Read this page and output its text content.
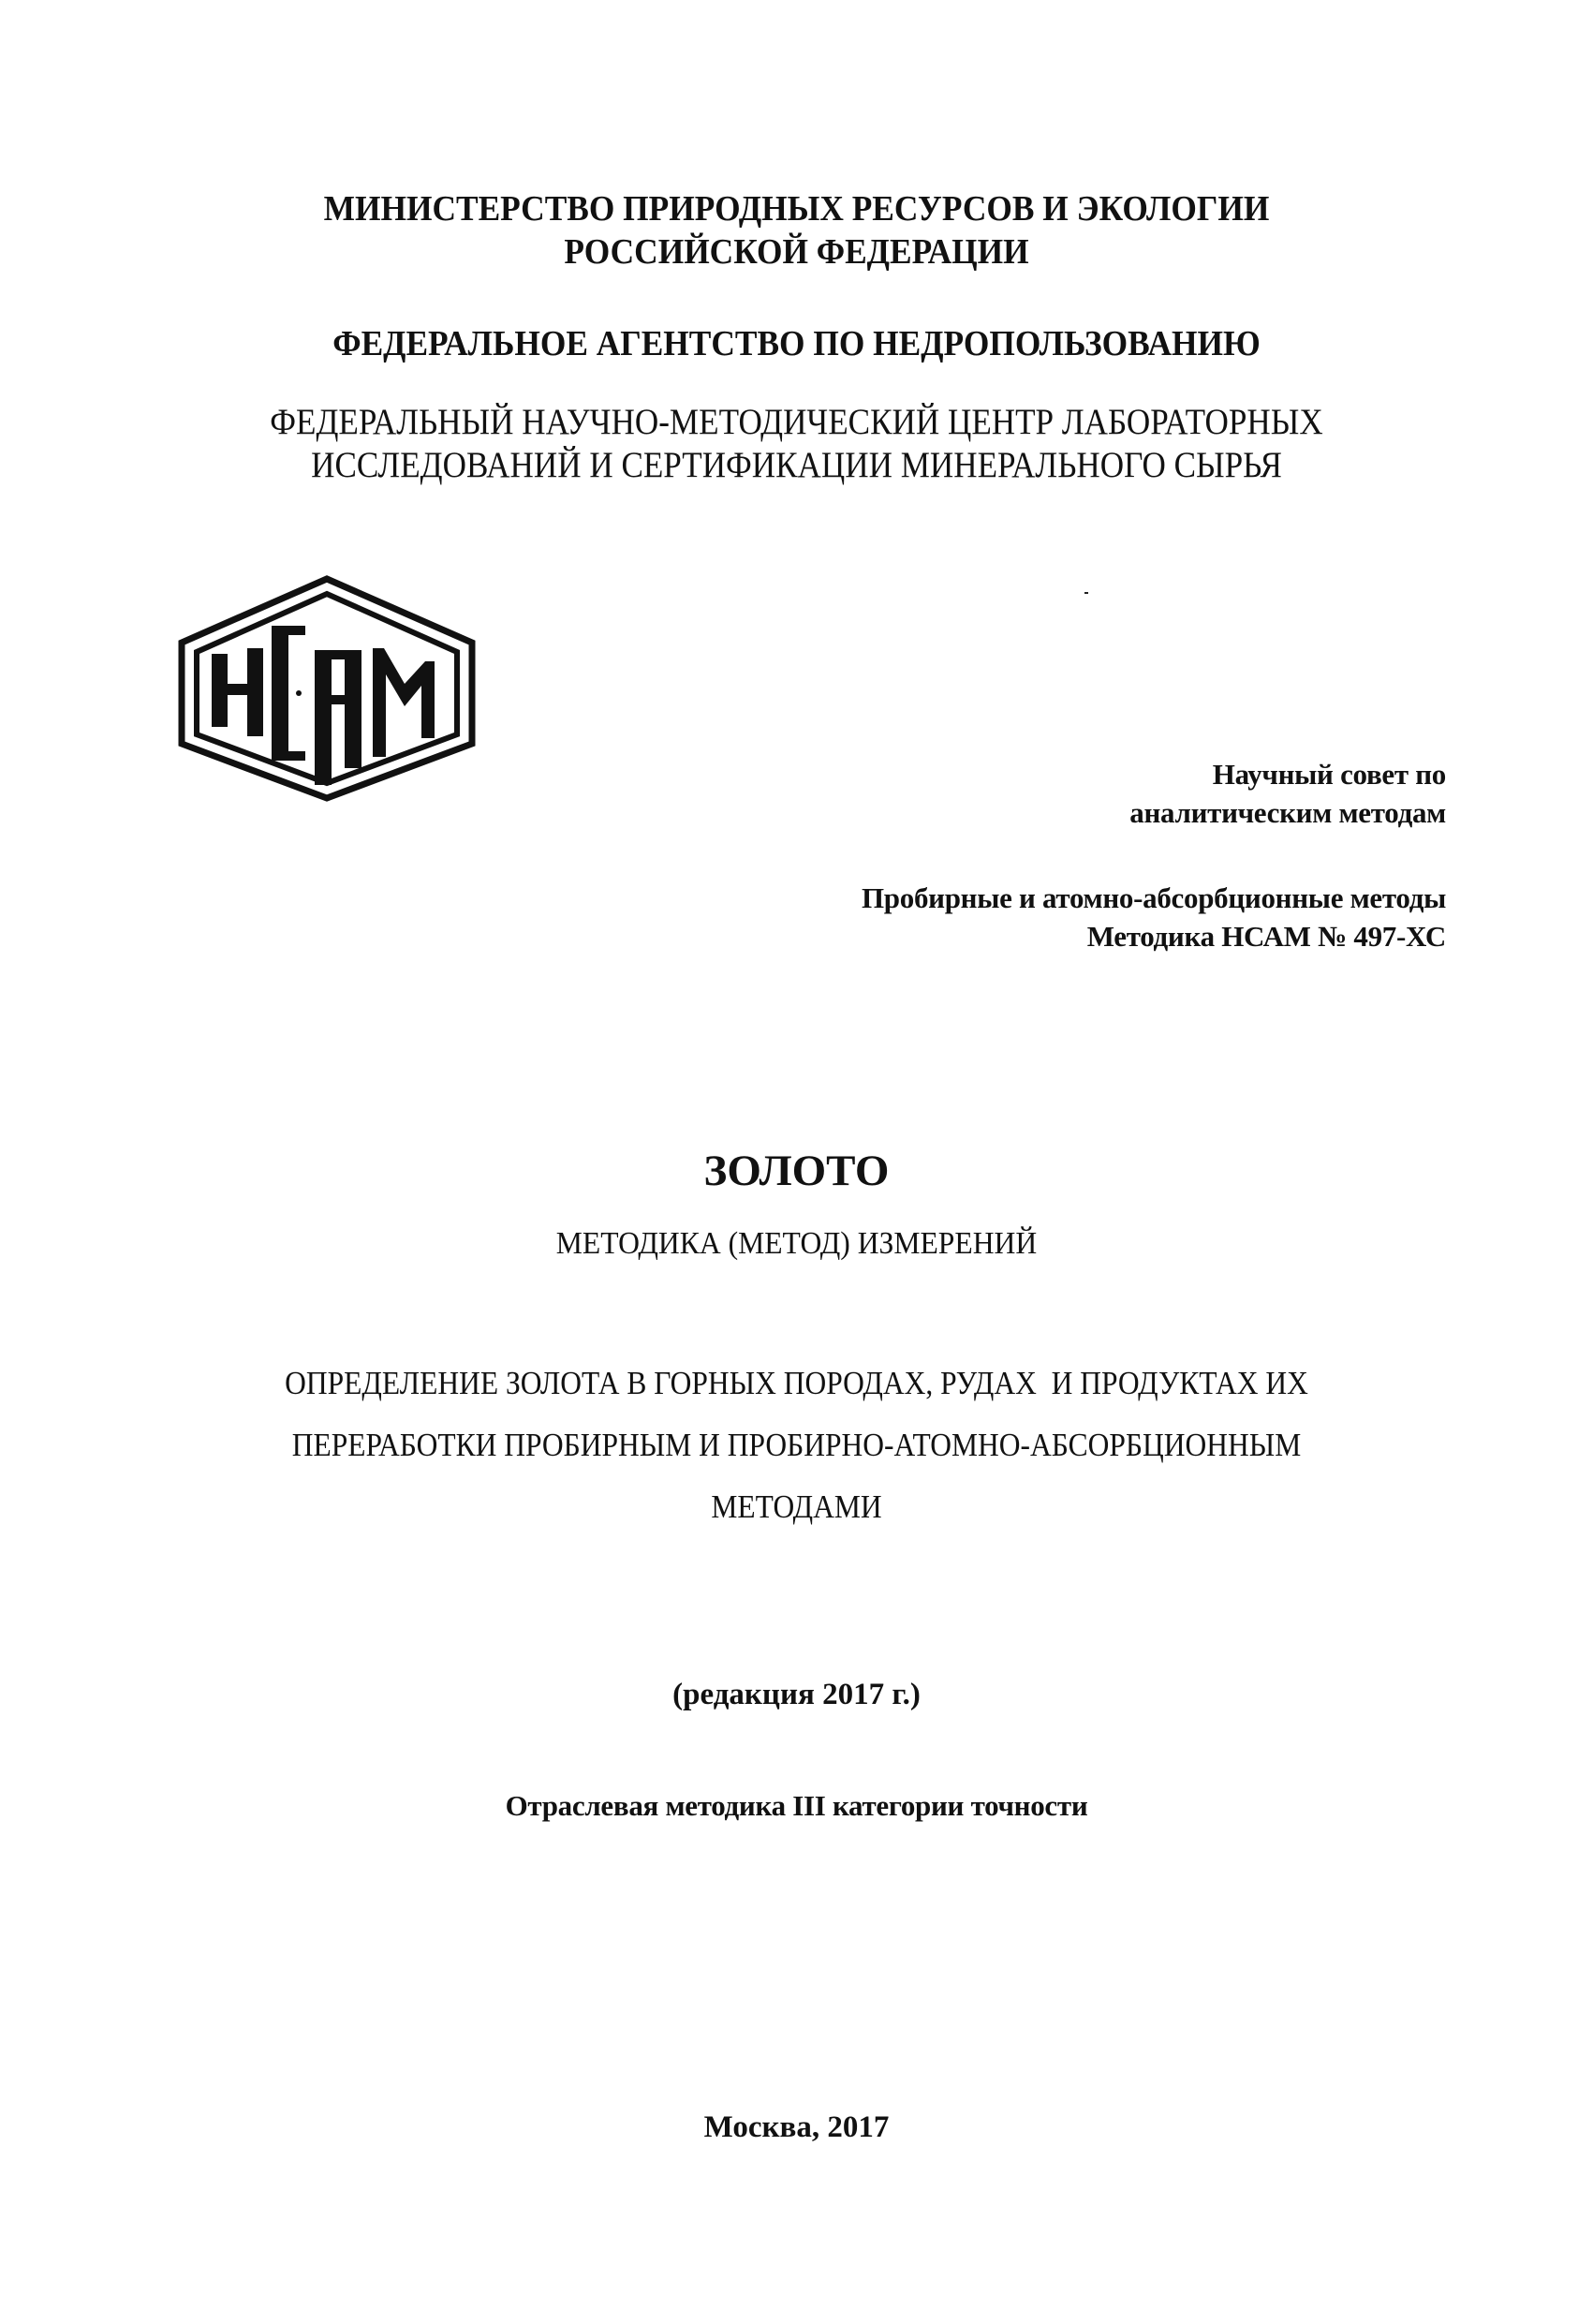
МИНИСТЕРСТВО ПРИРОДНЫХ РЕСУРСОВ И ЭКОЛОГИИ
РОССИЙСКОЙ ФЕДЕРАЦИИ
ФЕДЕРАЛЬНОЕ АГЕНТСТВО ПО НЕДРОПОЛЬЗОВАНИЮ
ФЕДЕРАЛЬНЫЙ НАУЧНО-МЕТОДИЧЕСКИЙ ЦЕНТР ЛАБОРАТОРНЫХ
ИССЛЕДОВАНИЙ И СЕРТИФИКАЦИИ МИНЕРАЛЬНОГО СЫРЬЯ
Научный совет по
аналитическим методам
Пробирные и атомно-абсорбционные методы
Методика НСАМ № 497-ХС
ЗОЛОТО
МЕТОДИКА (МЕТОД) ИЗМЕРЕНИЙ
ОПРЕДЕЛЕНИЕ ЗОЛОТА В ГОРНЫХ ПОРОДАХ, РУДАХ  И ПРОДУКТАХ ИХ
ПЕРЕРАБОТКИ ПРОБИРНЫМ И ПРОБИРНО-АТОМНО-АБСОРБЦИОННЫМ
МЕТОДАМИ
(редакция 2017 г.)
Отраслевая методика III категории точности
Москва, 2017
